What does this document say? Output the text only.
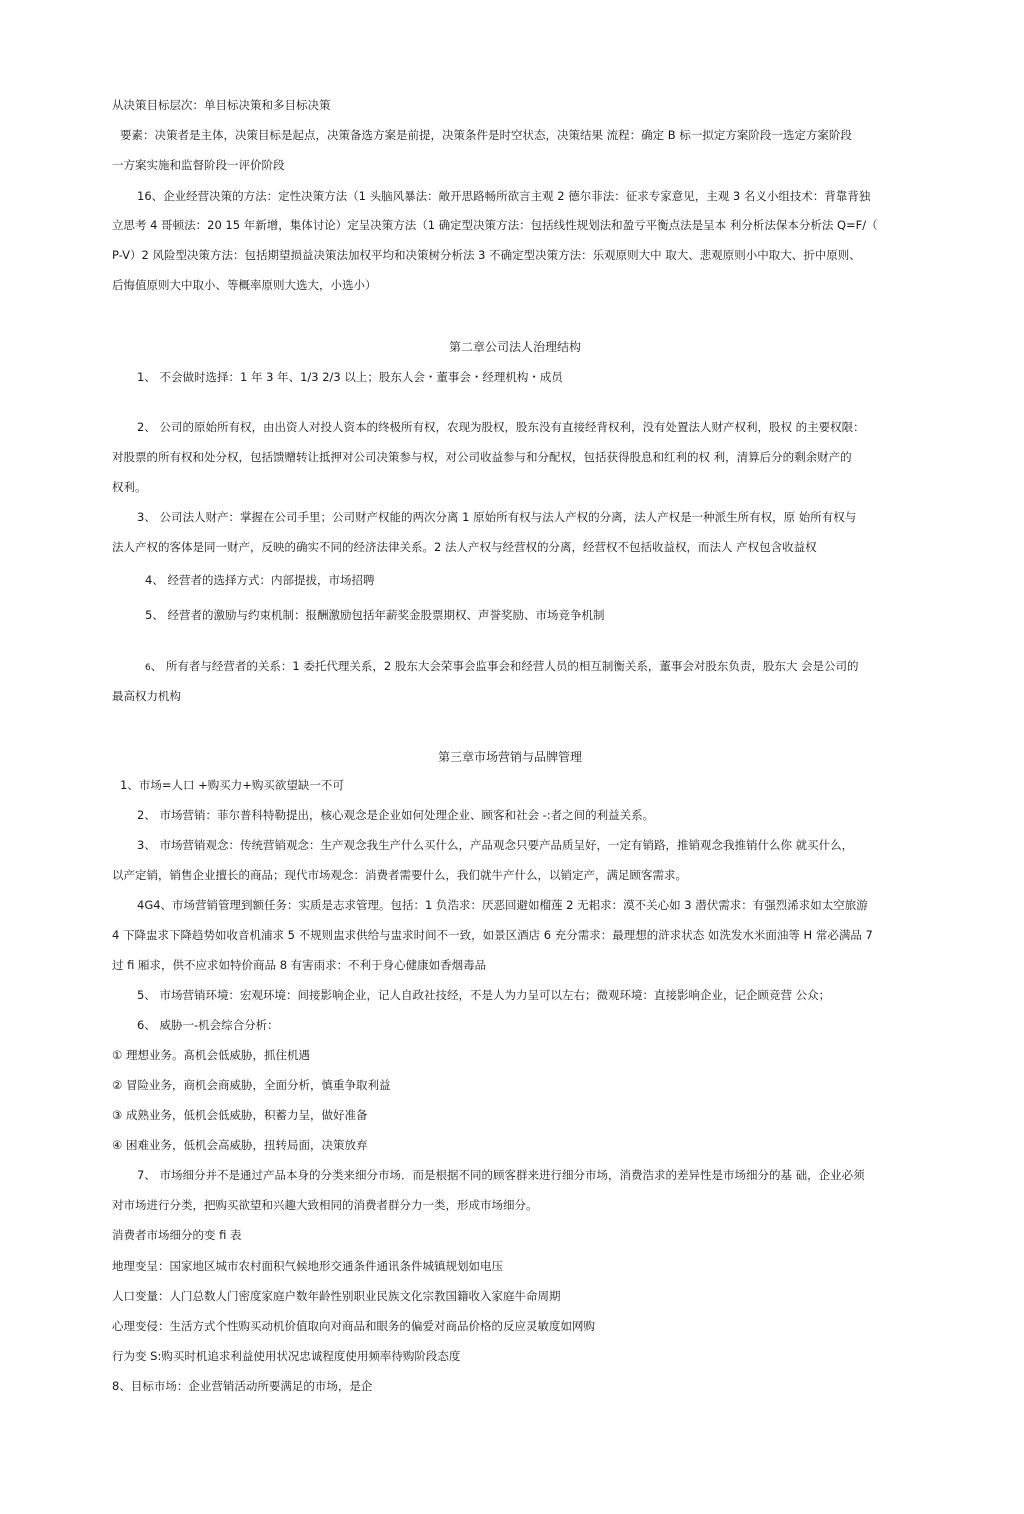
从决策目标层次：单目标决策和多目标决策
要素：决策者是主体，决策目标是起点，决策备选方案是前提，决策条件是时空状态，决策结果 流程：确定 B 标一拟定方案阶段一选定方案阶段
一方案实施和监督阶段一评价阶段
16、企业经营决策的方法：定性决策方法（1 头脑风暴法：敞开思路畅所欲言主观 2 德尔菲法：征求专家意见，主观 3 名义小组技术：背靠背独
立思考 4 哥顿法：20 15 年新增，集体讨论）定呈决策方法（1 确定型决策方法：包括线性规划法和盈亏平衡点法是呈本 利分析法保本分析法 Q=F/（
P-V）2 风险型决策方法：包括期望损益决策法加权平均和决策树分析法 3 不确定型决策方法：乐观原则大中 取大、悲观原则小中取大、折中原则、
后悔值原则大中取小、等概率原则大选大，小选小）
第二章公司法人治理结构
1、 不会做时选择：1 年 3 年、1/3 2/3 以上；股东人会・董事会・经理机构・成员
2、 公司的原始所有权，由出资人对投人资本的终极所有权，农现为股权，股东没有直接经背权利，没有处置法人财产权利，股权 的主要权限：
对股票的所有权和处分权，包括馈赠转让抵押对公司决策参与权，对公司收益参与和分配权，包括获得股息和红利的权 利，清算后分的剩余财产的
权利。
3、 公司法人财产：掌握在公司手里；公司财产权能的两次分离 1 原始所有权与法人产权的分离，法人产权是一种派生所有权，原 始所有权与
法人产权的客体是同一财产，反映的确实不同的经济法律关系。2 法人产权与经营权的分离，经营权不包括收益权，而法人 产权包含收益权
4、 经营者的选择方式：内部提拔，市场招聘
5、 经营者的激励与约束机制：报酬激励包括年薪奖金股票期权、声誉奖励、市场竞争机制
6、 所有者与经营者的关系：1 委托代理关系，2 股东大会荣事会监事会和经营人员的相互制衡关系，董事会对股东负责，股东大 会是公司的
最高权力机构
第三章市场营销与品牌管理
1、市场=人口 +购买力+购买欲望缺一不可
2、 市场营销：菲尔普科特勒提出，核心观念是企业如何处理企业、顾客和社会 -:者之间的利益关系。
3、 市场营销观念：传统营销观念：生产观念我生产什么买什么，产品观念只要产品质呈好，一定有销路，推销观念我推销什么你 就买什么，
以产定销，销售企业擅长的商品；现代市场观念：消费者需要什么，我们就牛产什么，以销定产，满足顾客需求。
4G4、市场营销管理到额任务：实质是志求管理。包括：1 负浩求：厌恶回避如榴莲 2 无耜求：漠不关心如 3 潜伏需求：有强烈浠求如太空旅游
4 下降盅求下降趋势如收音机浦求 5 不规则盅求供给与盅求时间不一致，如景区酒店 6 充分需求：最理想的浒求状态 如洗发水米面油等 H 常必满品 7
过 fi 厢求，供不应求如特价商品 8 有害雨求：不利于身心健康如香烟毒品
5、 市场营销环境：宏观环境：间接影响企业，记人自政社技经，不是人为力呈可以左右；微观环境：直接影响企业，记企顾竞营 公众；
6、 威胁一-机会综合分析：
① 理想业务。髙机会低威胁，抓住机遇
② 冒险业务，商机会商威胁，全面分析，慎重争取利益
③ 成熟业务，低机会低威胁，积蓄力呈，做好准备
④ 困难业务，低机会高威胁，扭转局面，决策放弃
7、 市场细分并不是通过产品本身的分类来细分市场．而是根据不同的顾客群来进行细分市场，消费浩求的差异性是市场细分的基 础，企业必须
对市场进行分类，把购买欲望和兴趣大致相同的消费者群分力一类，形成市场细分。
消费者市场细分的变 fi 表
地理变呈：国家地区城市农村面积气候地形交通条件通讯条件城镇规划如电压
人口变量：人门总数人门密度家庭户数年龄性别职业民族文化宗教国籍收入家庭牛命周期
心理变侵：生活方式个性购买动机价值取向对商品和眼务的偏爱对商品价格的反应灵敏度如网购
行为变 S:购买时机追求利益使用状况忠诚程度使用频率待购阶段态度
8、目标市场：企业营销活动所要满足的市场，是企
